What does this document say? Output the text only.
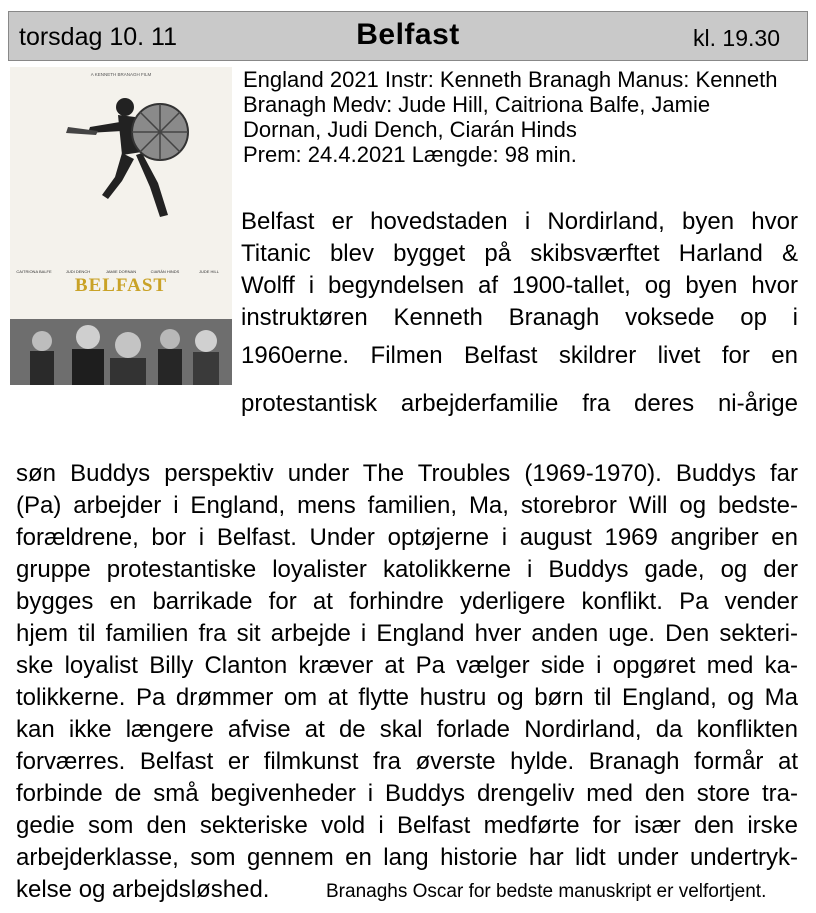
torsdag 10. 11	Belfast	kl. 19.30
A KENNETH BRANAGH FILM
CAITRIONA BALFE	JUDI DENCH	JAMIE DORNAN	CIARÁN HINDS	JUDE HILL
BELFAST
England 2021 Instr: Kenneth Branagh Manus: Kenneth
Branagh Medv: Jude Hill, Caitriona Balfe, Jamie
Dornan, Judi Dench, Ciarán Hinds
Prem: 24.4.2021 Længde: 98 min.
Belfast er hovedstaden i Nordirland, byen hvor
Titanic blev bygget på skibsværftet Harland &
Wolff i begyndelsen af 1900-tallet, og byen hvor
instruktøren Kenneth Branagh voksede op i
1960erne. Filmen Belfast skildrer livet for en
protestantisk arbejderfamilie fra deres ni-årige
søn Buddys perspektiv under The Troubles (1969-1970). Buddys far
(Pa) arbejder i England, mens familien, Ma, storebror Will og bedste-
forældrene, bor i Belfast. Under optøjerne i august 1969 angriber en
gruppe protestantiske loyalister katolikkerne i Buddys gade, og der
bygges en barrikade for at forhindre yderligere konflikt. Pa vender
hjem til familien fra sit arbejde i England hver anden uge. Den sekteri-
ske loyalist Billy Clanton kræver at Pa vælger side i opgøret med ka-
tolikkerne. Pa drømmer om at flytte hustru og børn til England, og Ma
kan ikke længere afvise at de skal forlade Nordirland, da konflikten
forværres. Belfast er filmkunst fra øverste hylde. Branagh formår at
forbinde de små begivenheder i Buddys drengeliv med den store tra-
gedie som den sekteriske vold i Belfast medførte for især den irske
arbejderklasse, som gennem en lang historie har lidt under undertryk-
kelse og arbejdsløshed.	Branaghs Oscar for bedste manuskript er velfortjent.
